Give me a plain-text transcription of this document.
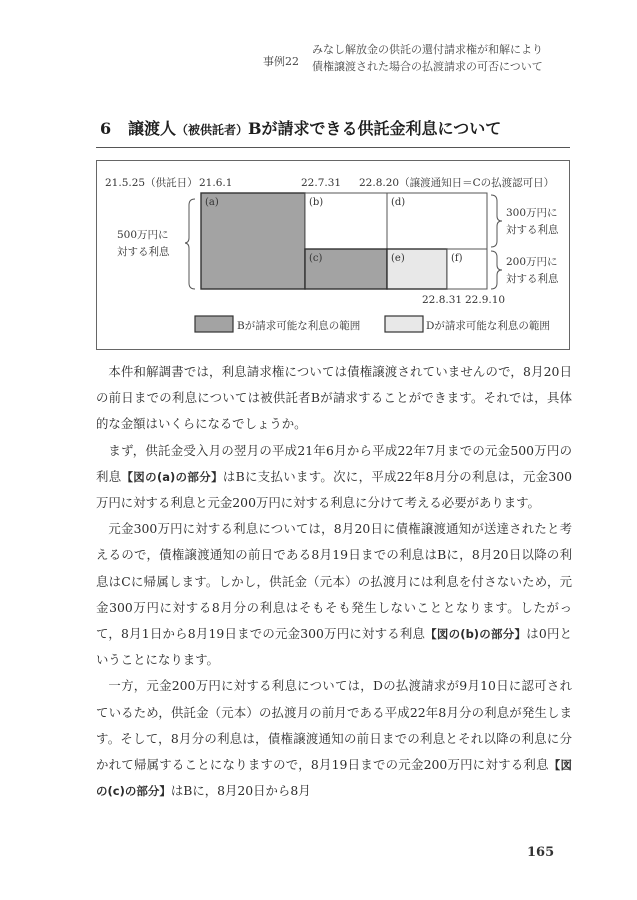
事例22
みなし解放金の供託の還付請求権が和解により
債権譲渡された場合の払渡請求の可否について
6 譲渡人（被供託者）Bが請求できる供託金利息について
21.5.25（供託日） 21.6.1	22.7.31 22.8.20（譲渡通知日＝Cの払渡認可日）
500万円に
対する利息
(a)	(b)	(d)
(c)	(e)	(f)
300万円に
対する利息
200万円に
対する利息
22.8.31 22.9.10
Bが請求可能な利息の範囲	Dが請求可能な利息の範囲

本件和解調書では，利息請求権については債権譲渡されていませんので，8月20日の前日までの利息については被供託者Bが請求することができます。それでは，具体的な金額はいくらになるでしょうか。

まず，供託金受入月の翌月の平成21年6月から平成22年7月までの元金500万円の利息【図の(a)の部分】はBに支払います。次に，平成22年8月分の利息は，元金300万円に対する利息と元金200万円に対する利息に分けて考える必要があります。

元金300万円に対する利息については，8月20日に債権譲渡通知が送達されたと考えるので，債権譲渡通知の前日である8月19日までの利息はBに，8月20日以降の利息はCに帰属します。しかし，供託金（元本）の払渡月には利息を付さないため，元金300万円に対する8月分の利息はそもそも発生しないこととなります。したがって，8月1日から8月19日までの元金300万円に対する利息【図の(b)の部分】は0円ということになります。

一方，元金200万円に対する利息については，Dの払渡請求が9月10日に認可されているため，供託金（元本）の払渡月の前月である平成22年8月分の利息が発生します。そして，8月分の利息は，債権譲渡通知の前日までの利息とそれ以降の利息に分かれて帰属することになりますので，8月19日までの元金200万円に対する利息【図の(c)の部分】はBに，8月20日から8月

165
